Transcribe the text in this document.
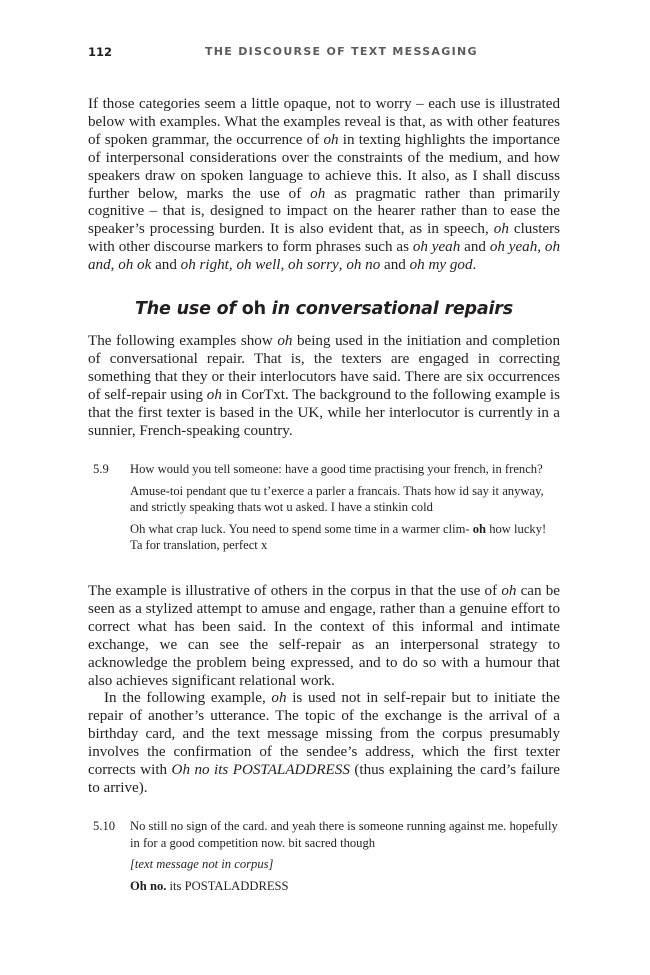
112	THE DISCOURSE OF TEXT MESSAGING

If those categories seem a little opaque, not to worry – each use is illustrated below with examples. What the examples reveal is that, as with other features of spoken grammar, the occurrence of oh in texting highlights the importance of interpersonal considerations over the constraints of the medium, and how speakers draw on spoken language to achieve this. It also, as I shall discuss further below, marks the use of oh as pragmatic rather than primarily cognitive – that is, designed to impact on the hearer rather than to ease the speaker’s processing burden. It is also evident that, as in speech, oh clusters with other discourse markers to form phrases such as oh yeah and oh yeah, oh and, oh ok and oh right, oh well, oh sorry, oh no and oh my god.

The use of oh in conversational repairs

The following examples show oh being used in the initiation and completion of conversational repair. That is, the texters are engaged in correcting something that they or their interlocutors have said. There are six occurrences of self-repair using oh in CorTxt. The background to the following example is that the first texter is based in the UK, while her interlocutor is currently in a sunnier, French-speaking country.

5.9 How would you tell someone: have a good time practising your french, in french?

Amuse-toi pendant que tu t’exerce a parler a francais. Thats how id say it anyway, and strictly speaking thats wot u asked. I have a stinkin cold

Oh what crap luck. You need to spend some time in a warmer clim- oh how lucky! Ta for translation, perfect x

The example is illustrative of others in the corpus in that the use of oh can be seen as a stylized attempt to amuse and engage, rather than a genuine effort to correct what has been said. In the context of this informal and intimate exchange, we can see the self-repair as an interpersonal strategy to acknowledge the problem being expressed, and to do so with a humour that also achieves significant relational work.

In the following example, oh is used not in self-repair but to initiate the repair of another’s utterance. The topic of the exchange is the arrival of a birthday card, and the text message missing from the corpus presumably involves the confirmation of the sendee’s address, which the first texter corrects with Oh no its POSTALADDRESS (thus explaining the card’s failure to arrive).

5.10 No still no sign of the card. and yeah there is someone running against me. hopefully in for a good competition now. bit sacred though

[text message not in corpus]

Oh no. its POSTALADDRESS
